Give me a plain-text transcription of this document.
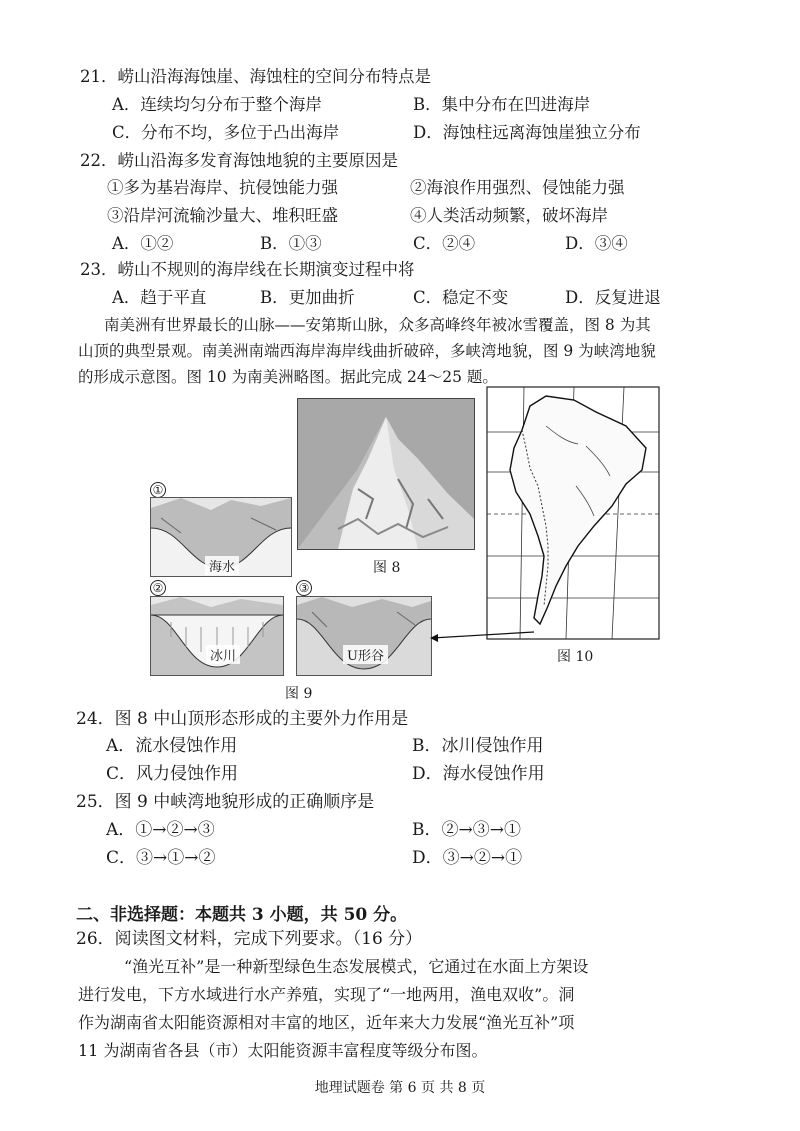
21．崂山沿海海蚀崖、海蚀柱的空间分布特点是
A．连续均匀分布于整个海岸	B．集中分布在凹进海岸
C．分布不均，多位于凸出海岸	D．海蚀柱远离海蚀崖独立分布
22．崂山沿海多发育海蚀地貌的主要原因是
①多为基岩海岸、抗侵蚀能力强	②海浪作用强烈、侵蚀能力强
③沿岸河流输沙量大、堆积旺盛	④人类活动频繁，破坏海岸
A．①②	B．①③	C．②④	D．③④
23．崂山不规则的海岸线在长期演变过程中将
A．趋于平直	B．更加曲折	C．稳定不变	D．反复进退
南美洲有世界最长的山脉——安第斯山脉，众多高峰终年被冰雪覆盖，图 8 为其
山顶的典型景观。南美洲南端西海岸海岸线曲折破碎，多峡湾地貌，图 9 为峡湾地貌
的形成示意图。图 10 为南美洲略图。据此完成 24～25 题。
图 8
①
海水
②
冰川
③
U形谷
图 9
图 10
24．图 8 中山顶形态形成的主要外力作用是
A．流水侵蚀作用	B．冰川侵蚀作用
C．风力侵蚀作用	D．海水侵蚀作用
25．图 9 中峡湾地貌形成的正确顺序是
A．①→②→③	B．②→③→①
C．③→①→②	D．③→②→①
二、非选择题：本题共 3 小题，共 50 分。
26．阅读图文材料，完成下列要求。（16 分）
“渔光互补”是一种新型绿色生态发展模式，它通过在水面上方架设
进行发电，下方水域进行水产养殖，实现了“一地两用，渔电双收”。洞
作为湖南省太阳能资源相对丰富的地区，近年来大力发展“渔光互补”项
11 为湖南省各县（市）太阳能资源丰富程度等级分布图。
地理试题卷 第 6 页 共 8 页
